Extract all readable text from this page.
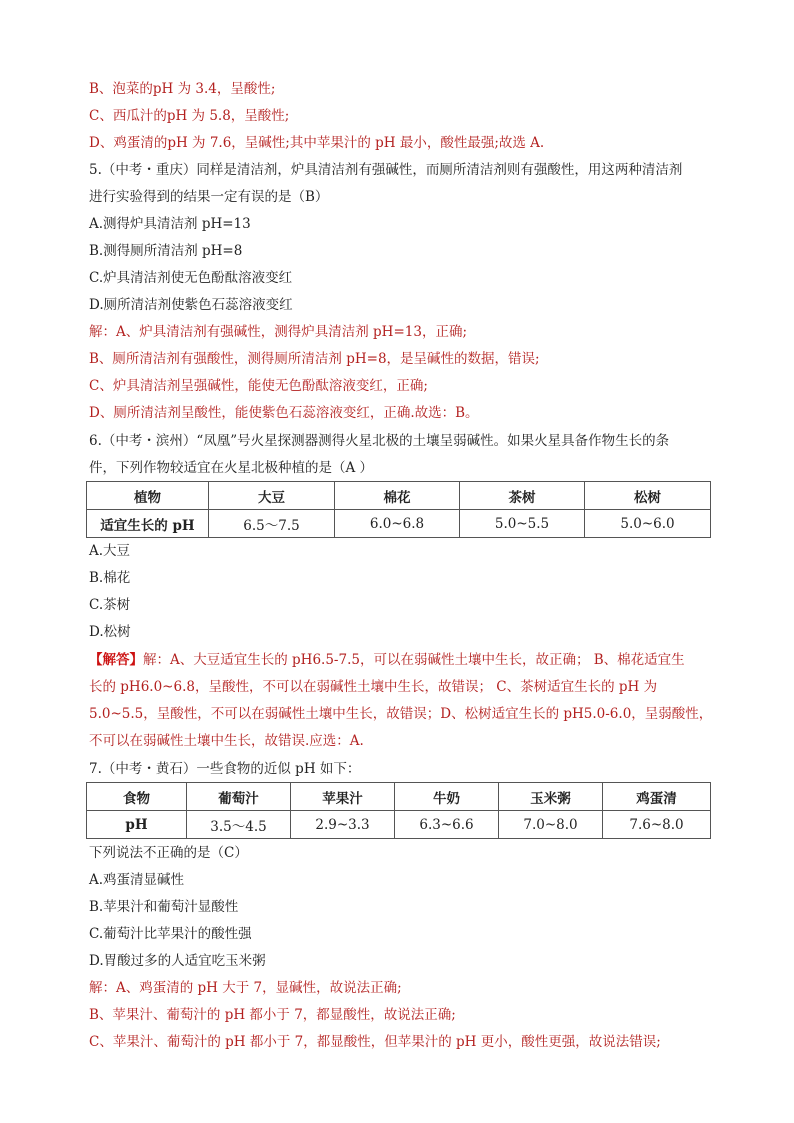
B、泡菜的pH 为 3.4，呈酸性;

C、西瓜汁的pH 为 5.8，呈酸性;

D、鸡蛋清的pH 为 7.6，呈碱性;其中苹果汁的 pH 最小，酸性最强;故选 A.

5.（中考・重庆）同样是清洁剂，炉具清洁剂有强碱性，而厕所清洁剂则有强酸性，用这两种清洁剂

进行实验得到的结果一定有误的是（B）

A.测得炉具清洁剂 pH=13

B.测得厕所清洁剂 pH=8

C.炉具清洁剂使无色酚酞溶液变红

D.厕所清洁剂使紫色石蕊溶液变红

解：A、炉具清洁剂有强碱性，测得炉具清洁剂 pH=13，正确;

B、厕所清洁剂有强酸性，测得厕所清洁剂 pH=8，是呈碱性的数据，错误;

C、炉具清洁剂呈强碱性，能使无色酚酞溶液变红，正确;

D、厕所清洁剂呈酸性，能使紫色石蕊溶液变红，正确.故选：B。

6.（中考・滨州）“凤凰”号火星探测器测得火星北极的土壤呈弱碱性。如果火星具备作物生长的条

件，下列作物较适宜在火星北极种植的是（A ）

植物	大豆	棉花	茶树	松树
适宜生长的 pH	6.5～7.5	6.0~6.8	5.0~5.5	5.0~6.0

A.大豆

B.棉花

C.茶树

D.松树

【解答】解：A、大豆适宜生长的 pH6.5-7.5，可以在弱碱性土壤中生长，故正确； B、棉花适宜生

长的 pH6.0~6.8，呈酸性，不可以在弱碱性土壤中生长，故错误； C、茶树适宜生长的 pH 为

5.0~5.5，呈酸性，不可以在弱碱性土壤中生长，故错误；D、松树适宜生长的 pH5.0-6.0，呈弱酸性，

不可以在弱碱性土壤中生长，故错误.应选：A.

7.（中考・黄石）一些食物的近似 pH 如下：

食物	葡萄汁	苹果汁	牛奶	玉米粥	鸡蛋清
pH	3.5～4.5	2.9~3.3	6.3~6.6	7.0~8.0	7.6~8.0

下列说法不正确的是（C）

A.鸡蛋清显碱性

B.苹果汁和葡萄汁显酸性

C.葡萄汁比苹果汁的酸性强

D.胃酸过多的人适宜吃玉米粥

解：A、鸡蛋清的 pH 大于 7，显碱性，故说法正确;

B、苹果汁、葡萄汁的 pH 都小于 7，都显酸性，故说法正确;

C、苹果汁、葡萄汁的 pH 都小于 7，都显酸性，但苹果汁的 pH 更小，酸性更强，故说法错误;
